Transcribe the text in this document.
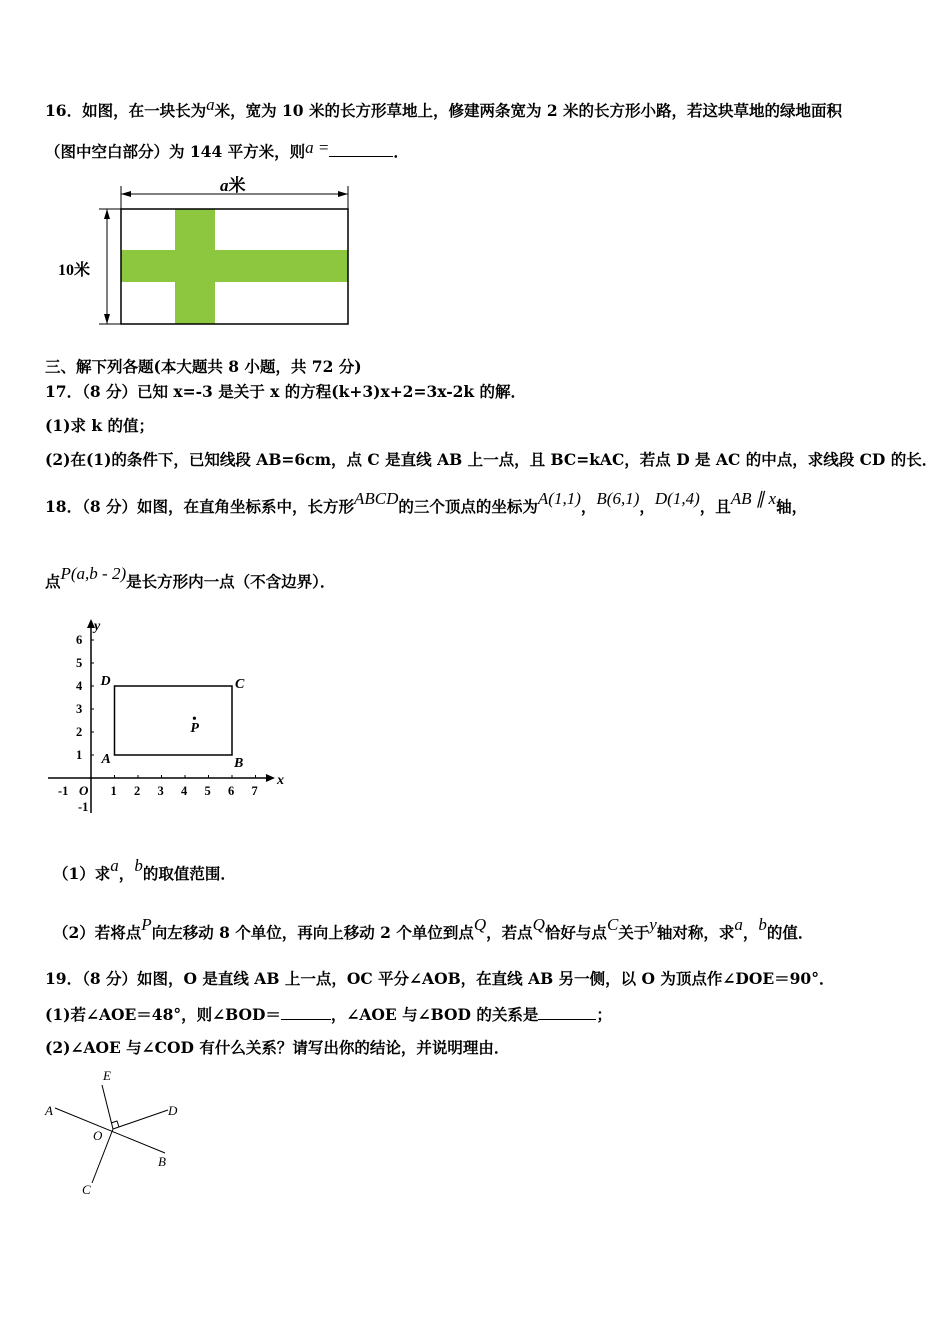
16．如图，在一块长为a米，宽为 10 米的长方形草地上，修建两条宽为 2 米的长方形小路，若这块草地的绿地面积
（图中空白部分）为 144 平方米，则a =	．
a米
10米
三、解下列各题(本大题共 8 小题，共 72 分)
17．（8 分）已知 x=-3 是关于 x 的方程(k+3)x+2=3x-2k 的解．
(1)求 k 的值；
(2)在(1)的条件下，已知线段 AB=6cm，点 C 是直线 AB 上一点，且 BC=kAC，若点 D 是 AC 的中点，求线段 CD 的长．
18．（8 分）如图，在直角坐标系中，长方形ABCD的三个顶点的坐标为A(1,1)，B(6,1)，D(1,4)，且AB ∥ x轴，
点P(a,b - 2)是长方形内一点（不含边界）．
x
y
1 2 3 4 5 6 7
1
2
3
4
5
6
-1 O
-1
A	B
C
D
P
（1）求a，b的取值范围．
（2）若将点P向左移动 8 个单位，再向上移动 2 个单位到点Q，若点Q恰好与点C关于y轴对称，求a，b的值．
19．（8 分）如图，O 是直线 AB 上一点，OC 平分∠AOB，在直线 AB 另一侧，以 O 为顶点作∠DOE＝90°．
(1)若∠AOE＝48°，则∠BOD＝	，∠AOE 与∠BOD 的关系是	；
(2)∠AOE 与∠COD 有什么关系？请写出你的结论，并说明理由．
E
A	D
O
B
C
